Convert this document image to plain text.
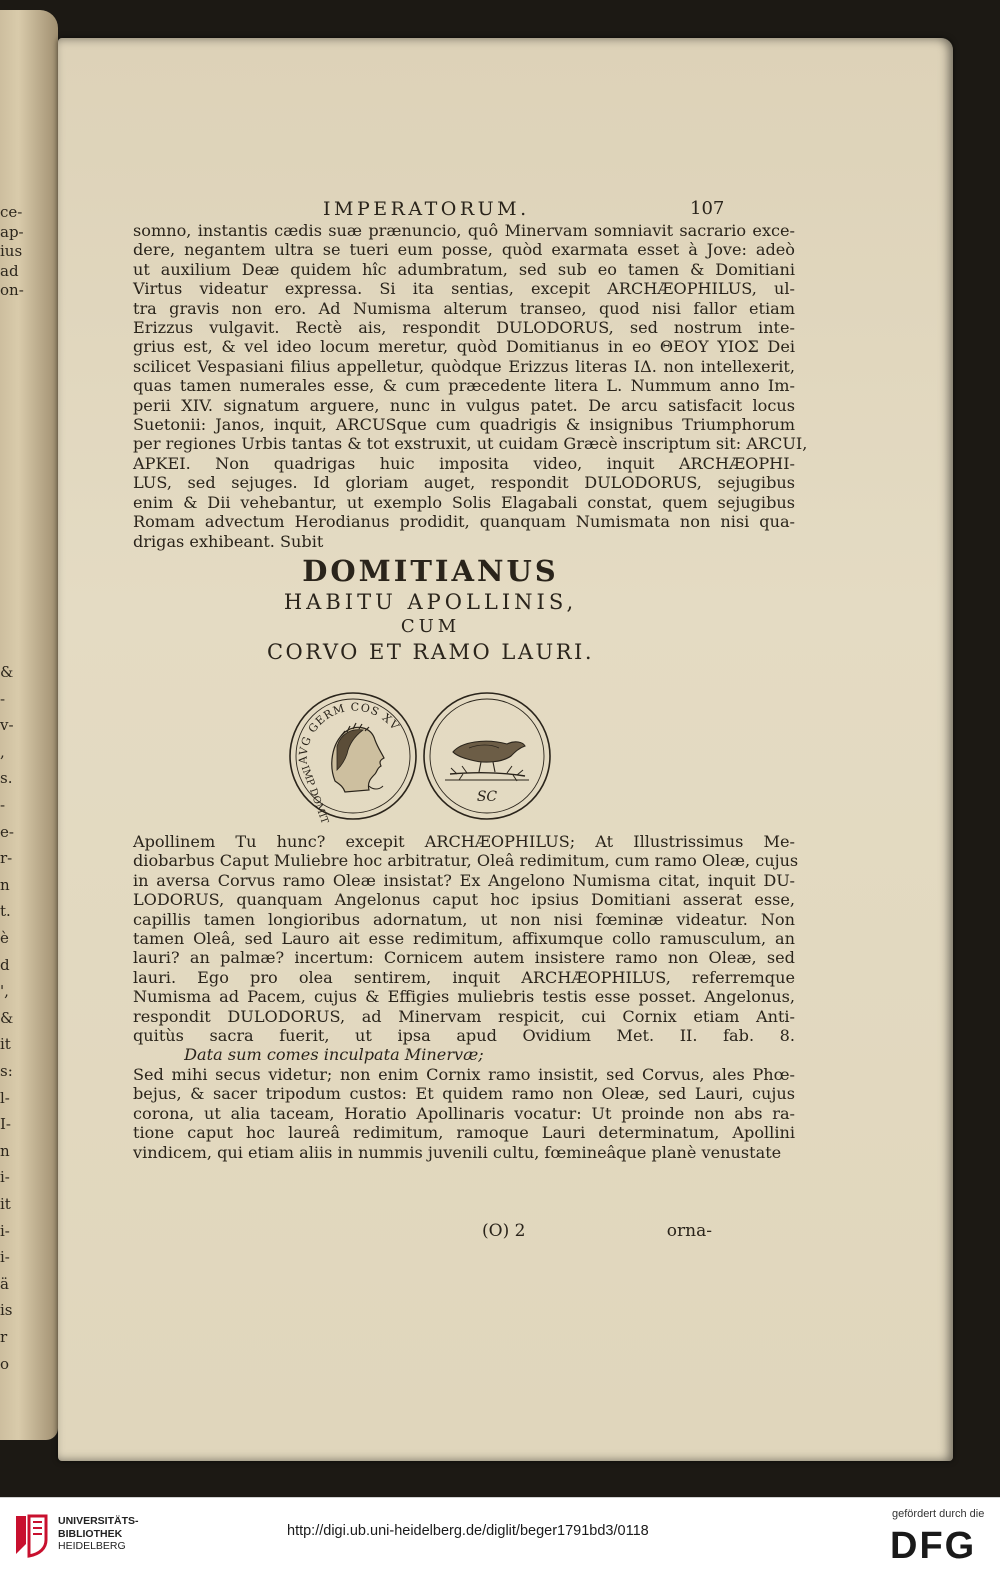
ce-
ap-
ius
ad
on-
&
-
v-
,
s.
-
e-
r-
n
t.
è
d
',
&
it
s:
l-
I-
n
i-
it
i-
i-
ä
is
r
o
IMPERATORUM.	107
somno, instantis cædis suæ prænuncio, quô Minervam somniavit sacrario exce-
dere, negantem ultra se tueri eum posse, quòd exarmata esset à Jove: adeò
ut auxilium Deæ quidem hîc adumbratum, sed sub eo tamen & Domitiani
Virtus videatur expressa. Si ita sentias, excepit ARCHÆOPHILUS, ul-
tra gravis non ero. Ad Numisma alterum transeo, quod nisi fallor etiam
Erizzus vulgavit. Rectè ais, respondit DULODORUS, sed nostrum inte-
grius est, & vel ideo locum meretur, quòd Domitianus in eo ΘΕΟΥ ΥΙΟΣ Dei
scilicet Vespasiani filius appelletur, quòdque Erizzus literas ΙΔ. non intellexerit,
quas tamen numerales esse, & cum præcedente litera L. Nummum anno Im-
perii XIV. signatum arguere, nunc in vulgus patet. De arcu satisfacit locus
Suetonii: Janos, inquit, ARCUSque cum quadrigis & insignibus Triumphorum
per regiones Urbis tantas & tot exstruxit, ut cuidam Græcè inscriptum sit: ARCUI,
ΑΡΚΕΙ. Non quadrigas huic imposita video, inquit ARCHÆOPHI-
LUS, sed sejuges. Id gloriam auget, respondit DULODORUS, sejugibus
enim & Dii vehebantur, ut exemplo Solis Elagabali constat, quem sejugibus
Romam advectum Herodianus prodidit, quanquam Numismata non nisi qua-
drigas exhibeant. Subit
DOMITIANUS
HABITU APOLLINIS,
CUM
CORVO ET RAMO LAURI.
AVG GERM COS XV
IMP DOMIT	SC
Apollinem Tu hunc? excepit ARCHÆOPHILUS; At Illustrissimus Me-
diobarbus Caput Muliebre hoc arbitratur, Oleâ redimitum, cum ramo Oleæ, cujus
in aversa Corvus ramo Oleæ insistat? Ex Angelono Numisma citat, inquit DU-
LODORUS, quanquam Angelonus caput hoc ipsius Domitiani asserat esse,
capillis tamen longioribus adornatum, ut non nisi fœminæ videatur. Non
tamen Oleâ, sed Lauro ait esse redimitum, affixumque collo ramusculum, an
lauri? an palmæ? incertum: Cornicem autem insistere ramo non Oleæ, sed
lauri. Ego pro olea sentirem, inquit ARCHÆOPHILUS, referremque
Numisma ad Pacem, cujus & Effigies muliebris testis esse posset. Angelonus,
respondit DULODORUS, ad Minervam respicit, cui Cornix etiam Anti-
quitùs sacra fuerit, ut ipsa apud Ovidium Met. II. fab. 8.
Data sum comes inculpata Minervæ;
Sed mihi secus videtur; non enim Cornix ramo insistit, sed Corvus, ales Phœ-
bejus, & sacer tripodum custos: Et quidem ramo non Oleæ, sed Lauri, cujus
corona, ut alia taceam, Horatio Apollinaris vocatur: Ut proinde non abs ra-
tione caput hoc laureâ redimitum, ramoque Lauri determinatum, Apollini
vindicem, qui etiam aliis in nummis juvenili cultu, fœmineâque planè venustate
(O) 2	orna-
UNIVERSITÄTS-
BIBLIOTHEK
HEIDELBERG
http://digi.ub.uni-heidelberg.de/diglit/beger1791bd3/0118
gefördert durch die
DFG
